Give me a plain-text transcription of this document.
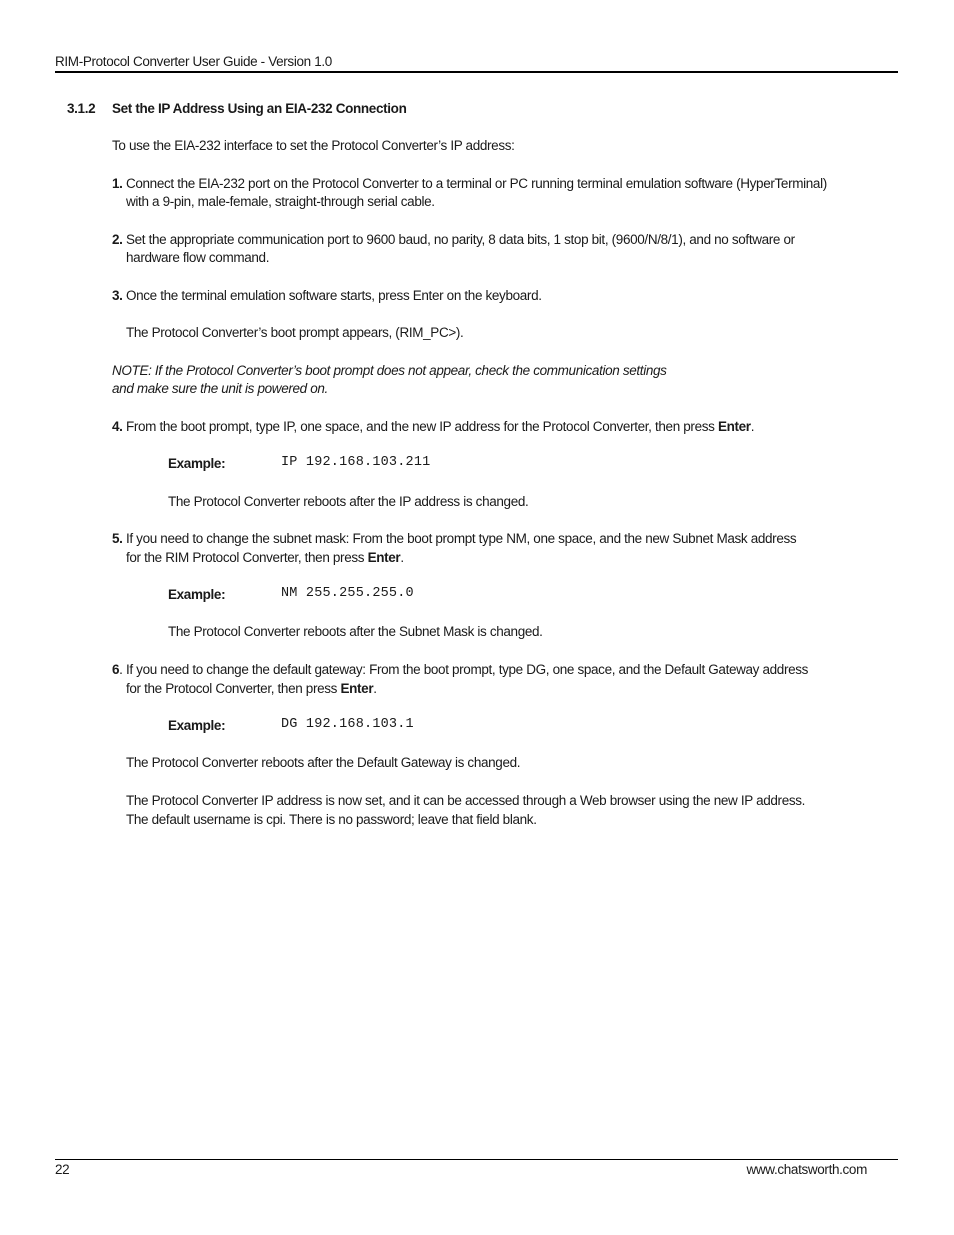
RIM-Protocol Converter User Guide - Version 1.0
3.1.2 Set the IP Address Using an EIA-232 Connection
To use the EIA-232 interface to set the Protocol Converter’s IP address:
1. Connect the EIA-232 port on the Protocol Converter to a terminal or PC running terminal emulation software (HyperTerminal)
with a 9-pin, male-female, straight-through serial cable.
2. Set the appropriate communication port to 9600 baud, no parity, 8 data bits, 1 stop bit, (9600/N/8/1), and no software or
hardware flow command.
3. Once the terminal emulation software starts, press Enter on the keyboard.
The Protocol Converter’s boot prompt appears, (RIM_PC>).
NOTE: If the Protocol Converter’s boot prompt does not appear, check the communication settings
and make sure the unit is powered on.
4. From the boot prompt, type IP, one space, and the new IP address for the Protocol Converter, then press Enter.
Example:	IP 192.168.103.211
The Protocol Converter reboots after the IP address is changed.
5. If you need to change the subnet mask: From the boot prompt type NM, one space, and the new Subnet Mask address
for the RIM Protocol Converter, then press Enter.
Example:	NM 255.255.255.0
The Protocol Converter reboots after the Subnet Mask is changed.
6. If you need to change the default gateway: From the boot prompt, type DG, one space, and the Default Gateway address
for the Protocol Converter, then press Enter.
Example:	DG 192.168.103.1
The Protocol Converter reboots after the Default Gateway is changed.
The Protocol Converter IP address is now set, and it can be accessed through a Web browser using the new IP address.
The default username is cpi. There is no password; leave that field blank.
22	www.chatsworth.com
